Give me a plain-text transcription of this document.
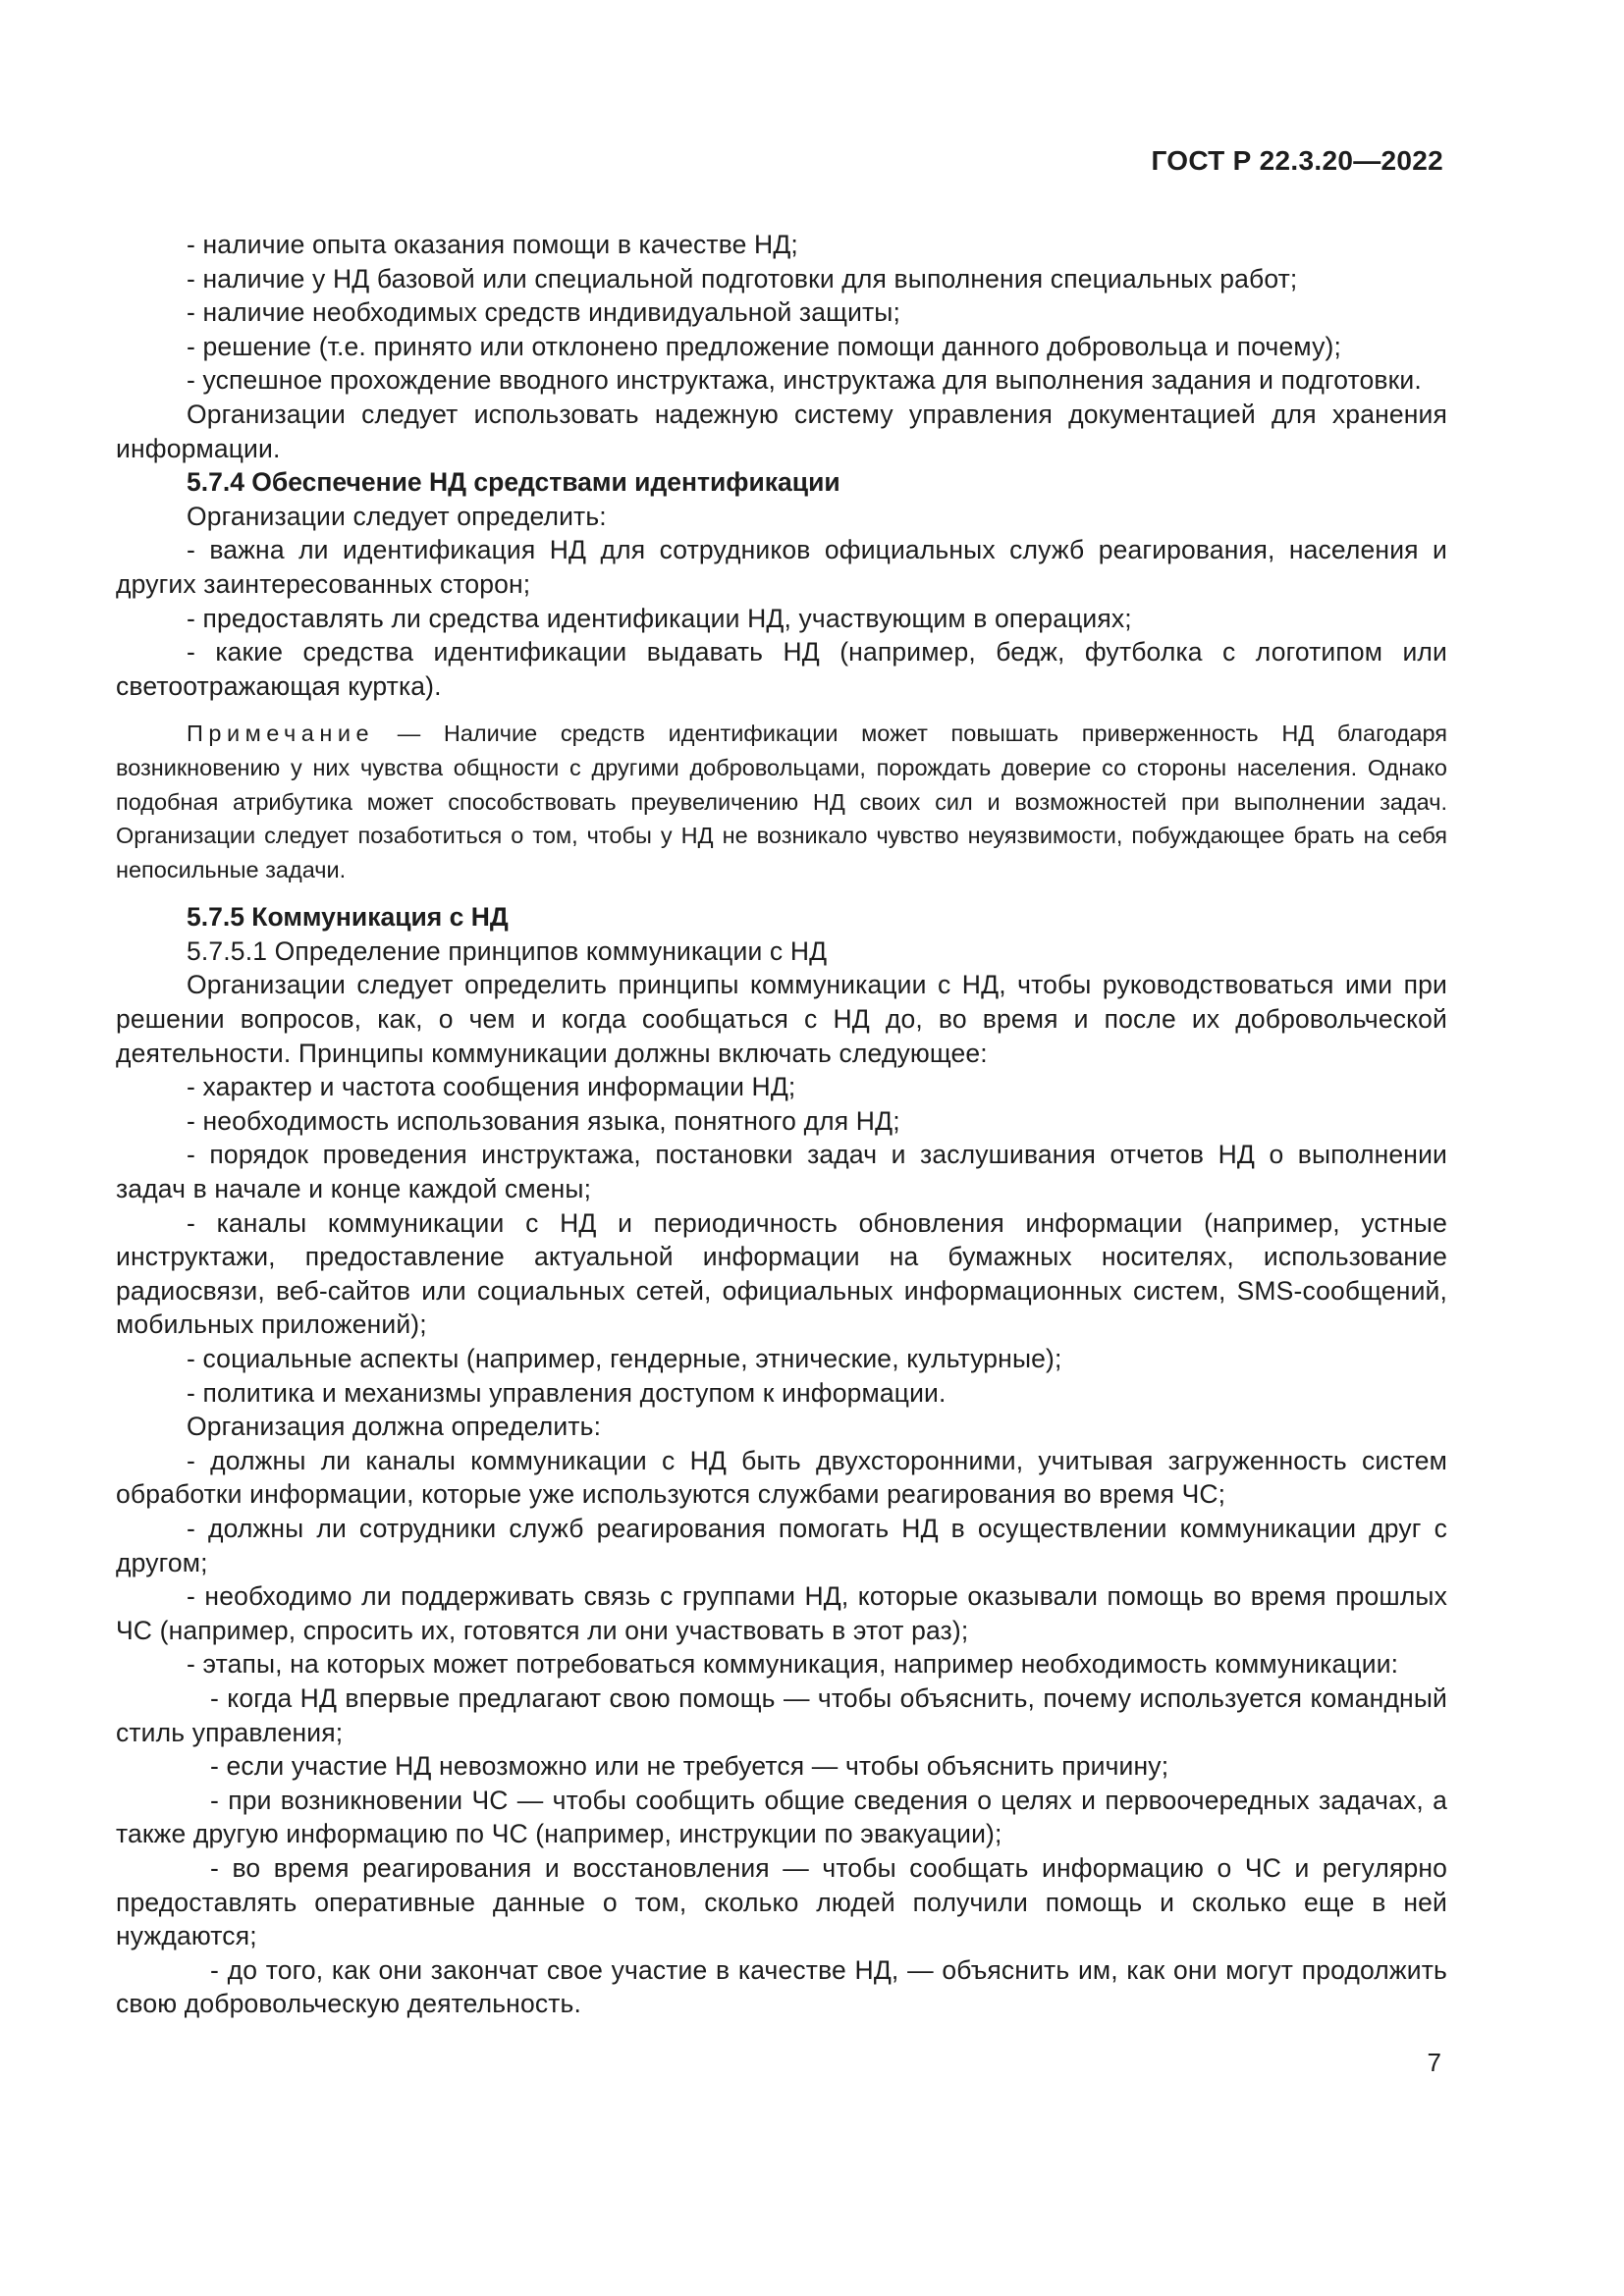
ГОСТ Р 22.3.20—2022
- наличие опыта оказания помощи в качестве НД;
- наличие у НД базовой или специальной подготовки для выполнения специальных работ;
- наличие необходимых средств индивидуальной защиты;
- решение (т.е. принято или отклонено предложение помощи данного добровольца и почему);
- успешное прохождение вводного инструктажа, инструктажа для выполнения задания и подготовки.
Организации следует использовать надежную систему управления документацией для хранения информации.
5.7.4 Обеспечение НД средствами идентификации
Организации следует определить:
- важна ли идентификация НД для сотрудников официальных служб реагирования, населения и других заинтересованных сторон;
- предоставлять ли средства идентификации НД, участвующим в операциях;
- какие средства идентификации выдавать НД (например, бедж, футболка с логотипом или светоотражающая куртка).
Примечание — Наличие средств идентификации может повышать приверженность НД благодаря возникновению у них чувства общности с другими добровольцами, порождать доверие со стороны населения. Однако подобная атрибутика может способствовать преувеличению НД своих сил и возможностей при выполнении задач. Организации следует позаботиться о том, чтобы у НД не возникало чувство неуязвимости, побуждающее брать на себя непосильные задачи.
5.7.5 Коммуникация с НД
5.7.5.1 Определение принципов коммуникации с НД
Организации следует определить принципы коммуникации с НД, чтобы руководствоваться ими при решении вопросов, как, о чем и когда сообщаться с НД до, во время и после их добровольческой деятельности. Принципы коммуникации должны включать следующее:
- характер и частота сообщения информации НД;
- необходимость использования языка, понятного для НД;
- порядок проведения инструктажа, постановки задач и заслушивания отчетов НД о выполнении задач в начале и конце каждой смены;
- каналы коммуникации с НД и периодичность обновления информации (например, устные инструктажи, предоставление актуальной информации на бумажных носителях, использование радиосвязи, веб-сайтов или социальных сетей, официальных информационных систем, SMS-сообщений, мобильных приложений);
- социальные аспекты (например, гендерные, этнические, культурные);
- политика и механизмы управления доступом к информации.
Организация должна определить:
- должны ли каналы коммуникации с НД быть двухсторонними, учитывая загруженность систем обработки информации, которые уже используются службами реагирования во время ЧС;
- должны ли сотрудники служб реагирования помогать НД в осуществлении коммуникации друг с другом;
- необходимо ли поддерживать связь с группами НД, которые оказывали помощь во время прошлых ЧС (например, спросить их, готовятся ли они участвовать в этот раз);
- этапы, на которых может потребоваться коммуникация, например необходимость коммуникации:
- когда НД впервые предлагают свою помощь — чтобы объяснить, почему используется командный стиль управления;
- если участие НД невозможно или не требуется — чтобы объяснить причину;
- при возникновении ЧС — чтобы сообщить общие сведения о целях и первоочередных задачах, а также другую информацию по ЧС (например, инструкции по эвакуации);
- во время реагирования и восстановления — чтобы сообщать информацию о ЧС и регулярно предоставлять оперативные данные о том, сколько людей получили помощь и сколько еще в ней нуждаются;
- до того, как они закончат свое участие в качестве НД, — объяснить им, как они могут продолжить свою добровольческую деятельность.
7
